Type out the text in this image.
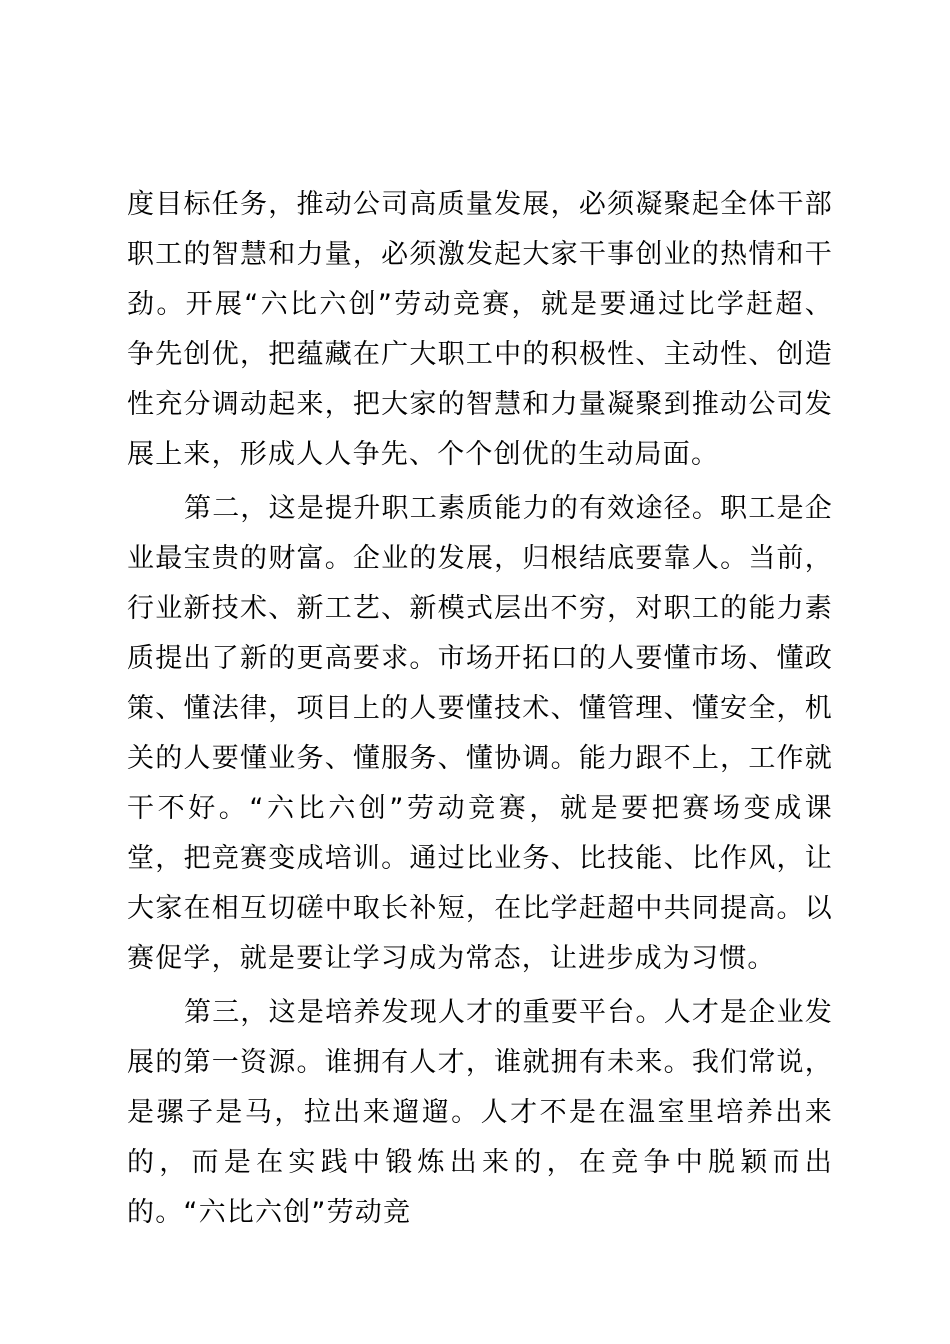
度目标任务，推动公司高质量发展，必须凝聚起全体干部职工的智慧和力量，必须激发起大家干事创业的热情和干劲。开展“六比六创”劳动竞赛，就是要通过比学赶超、争先创优，把蕴藏在广大职工中的积极性、主动性、创造性充分调动起来，把大家的智慧和力量凝聚到推动公司发展上来，形成人人争先、个个创优的生动局面。

第二，这是提升职工素质能力的有效途径。职工是企业最宝贵的财富。企业的发展，归根结底要靠人。当前，行业新技术、新工艺、新模式层出不穷，对职工的能力素质提出了新的更高要求。市场开拓口的人要懂市场、懂政策、懂法律，项目上的人要懂技术、懂管理、懂安全，机关的人要懂业务、懂服务、懂协调。能力跟不上，工作就干不好。“六比六创”劳动竞赛，就是要把赛场变成课堂，把竞赛变成培训。通过比业务、比技能、比作风，让大家在相互切磋中取长补短，在比学赶超中共同提高。以赛促学，就是要让学习成为常态，让进步成为习惯。

第三，这是培养发现人才的重要平台。人才是企业发展的第一资源。谁拥有人才，谁就拥有未来。我们常说，是骡子是马，拉出来遛遛。人才不是在温室里培养出来的，而是在实践中锻炼出来的，在竞争中脱颖而出的。“六比六创”劳动竞
